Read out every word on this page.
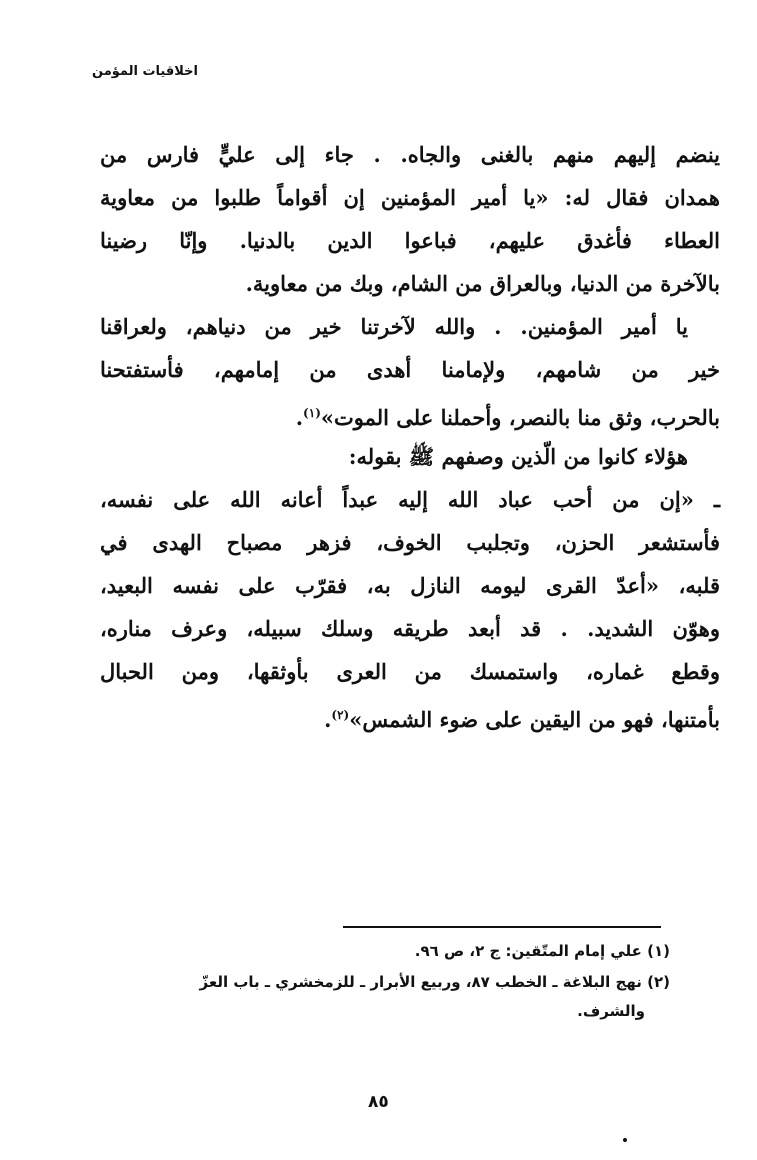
اخلاقيات المؤمن
ينضم إليهم منهم بالغنى والجاه. . جاء إلى عليٍّ فارس من
همدان فقال له: «يا أمير المؤمنين إن أقواماً طلبوا من معاوية
العطاء فأغدق عليهم، فباعوا الدين بالدنيا. وإنّا رضينا
بالآخرة من الدنيا، وبالعراق من الشام، وبك من معاوية.
يا أمير المؤمنين. . والله لآخرتنا خير من دنياهم، ولعراقنا
خير من شامهم، ولإمامنا أهدى من إمامهم، فأستفتحنا
بالحرب، وثق منا بالنصر، وأحملنا على الموت»$^{(١)}$.
هؤلاء كانوا من الّذين وصفهم ﷺ بقوله:
ـ «إن من أحب عباد الله إليه عبداً أعانه الله على نفسه،
فأستشعر الحزن، وتجلبب الخوف، فزهر مصباح الهدى في
قلبه، «أعدّ القرى ليومه النازل به، فقرّب على نفسه البعيد،
وهوّن الشديد. . قد أبعد طريقه وسلك سبيله، وعرف مناره،
وقطع غماره، واستمسك من العرى بأوثقها، ومن الحبال
بأمتنها، فهو من اليقين على ضوء الشمس»$^{(٢)}$.
(١) علي إمام المتّقين: ج ٢، ص ٩٦.
(٢) نهج البلاغة ـ الخطب ٨٧، وربيع الأبرار ـ للزمخشري ـ باب العزّ
والشرف.
٨٥
